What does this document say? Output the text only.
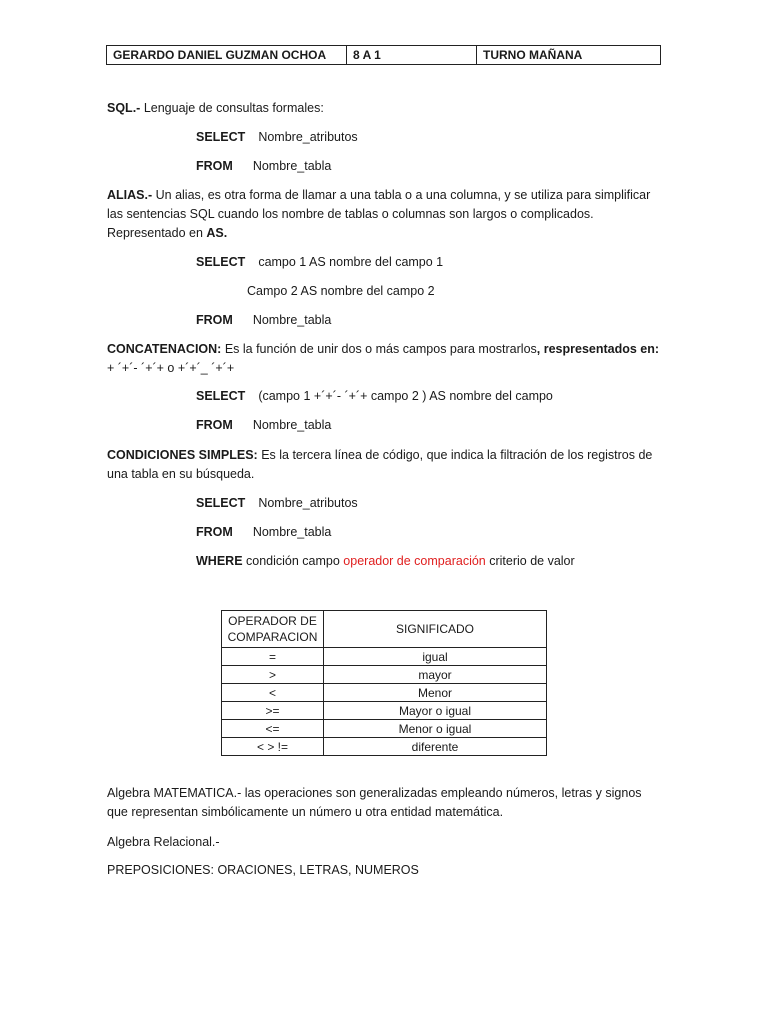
GERARDO DANIEL GUZMAN OCHOA	8 A 1	TURNO MAÑANA
SQL.- Lenguaje de consultas formales:
SELECT Nombre_atributos
FROM Nombre_tabla
ALIAS.- Un alias, es otra forma de llamar a una tabla o a una columna, y se utiliza para simplificar las sentencias SQL cuando los nombre de tablas o columnas son largos o complicados. Representado en AS.
SELECT campo 1 AS nombre del campo 1
Campo 2 AS nombre del campo 2
FROM Nombre_tabla
CONCATENACION: Es la función de unir dos o más campos para mostrarlos, respresentados en: + ´+´- ´+´+ o +´+´_ ´+´+
SELECT (campo 1 +´+´- ´+´+ campo 2 ) AS nombre del campo
FROM Nombre_tabla
CONDICIONES SIMPLES: Es la tercera línea de código, que indica la filtración de los registros de una tabla en su búsqueda.
SELECT Nombre_atributos
FROM Nombre_tabla
WHERE condición campo operador de comparación criterio de valor
OPERADOR DE COMPARACION	SIGNIFICADO
=	igual
>	mayor
<	Menor
>=	Mayor o igual
<=	Menor o igual
< > !=	diferente
Algebra MATEMATICA.- las operaciones son generalizadas empleando números, letras y signos que representan simbólicamente un número u otra entidad matemática.
Algebra Relacional.-
PREPOSICIONES: ORACIONES, LETRAS, NUMEROS
